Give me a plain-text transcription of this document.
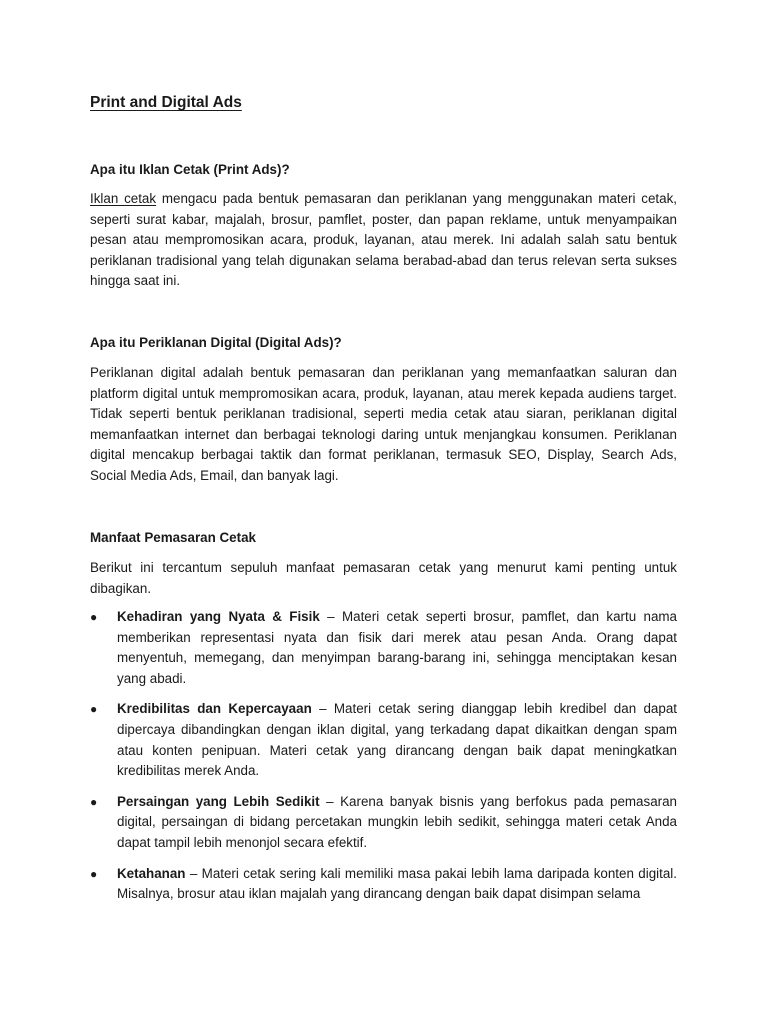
Print and Digital Ads
Apa itu Iklan Cetak (Print Ads)?

Iklan cetak mengacu pada bentuk pemasaran dan periklanan yang menggunakan materi cetak, seperti surat kabar, majalah, brosur, pamflet, poster, dan papan reklame, untuk menyampaikan pesan atau mempromosikan acara, produk, layanan, atau merek. Ini adalah salah satu bentuk periklanan tradisional yang telah digunakan selama berabad-abad dan terus relevan serta sukses hingga saat ini.

Apa itu Periklanan Digital (Digital Ads)?

Periklanan digital adalah bentuk pemasaran dan periklanan yang memanfaatkan saluran dan platform digital untuk mempromosikan acara, produk, layanan, atau merek kepada audiens target. Tidak seperti bentuk periklanan tradisional, seperti media cetak atau siaran, periklanan digital memanfaatkan internet dan berbagai teknologi daring untuk menjangkau konsumen. Periklanan digital mencakup berbagai taktik dan format periklanan, termasuk SEO, Display, Search Ads, Social Media Ads, Email, dan banyak lagi.

Manfaat Pemasaran Cetak

Berikut ini tercantum sepuluh manfaat pemasaran cetak yang menurut kami penting untuk dibagikan.

● Kehadiran yang Nyata & Fisik – Materi cetak seperti brosur, pamflet, dan kartu nama memberikan representasi nyata dan fisik dari merek atau pesan Anda. Orang dapat menyentuh, memegang, dan menyimpan barang-barang ini, sehingga menciptakan kesan yang abadi.
● Kredibilitas dan Kepercayaan – Materi cetak sering dianggap lebih kredibel dan dapat dipercaya dibandingkan dengan iklan digital, yang terkadang dapat dikaitkan dengan spam atau konten penipuan. Materi cetak yang dirancang dengan baik dapat meningkatkan kredibilitas merek Anda.
● Persaingan yang Lebih Sedikit – Karena banyak bisnis yang berfokus pada pemasaran digital, persaingan di bidang percetakan mungkin lebih sedikit, sehingga materi cetak Anda dapat tampil lebih menonjol secara efektif.
● Ketahanan – Materi cetak sering kali memiliki masa pakai lebih lama daripada konten digital. Misalnya, brosur atau iklan majalah yang dirancang dengan baik dapat disimpan selama
